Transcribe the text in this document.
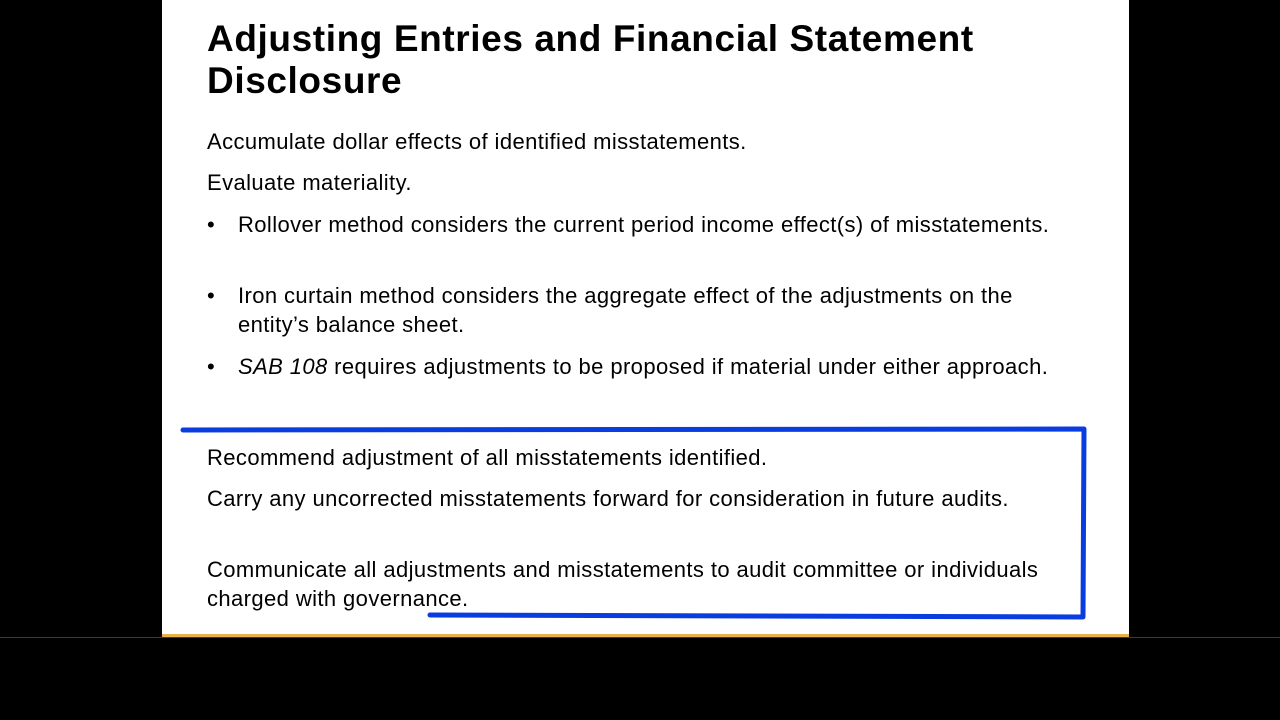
Adjusting Entries and Financial Statement Disclosure

Accumulate dollar effects of identified misstatements.

Evaluate materiality.

•	Rollover method considers the current period income effect(s) of misstatements.
•	Iron curtain method considers the aggregate effect of the adjustments on the entity’s balance sheet.
•	SAB 108 requires adjustments to be proposed if material under either approach.

Recommend adjustment of all misstatements identified.

Carry any uncorrected misstatements forward for consideration in future audits.

Communicate all adjustments and misstatements to audit committee or individuals charged with governance.
